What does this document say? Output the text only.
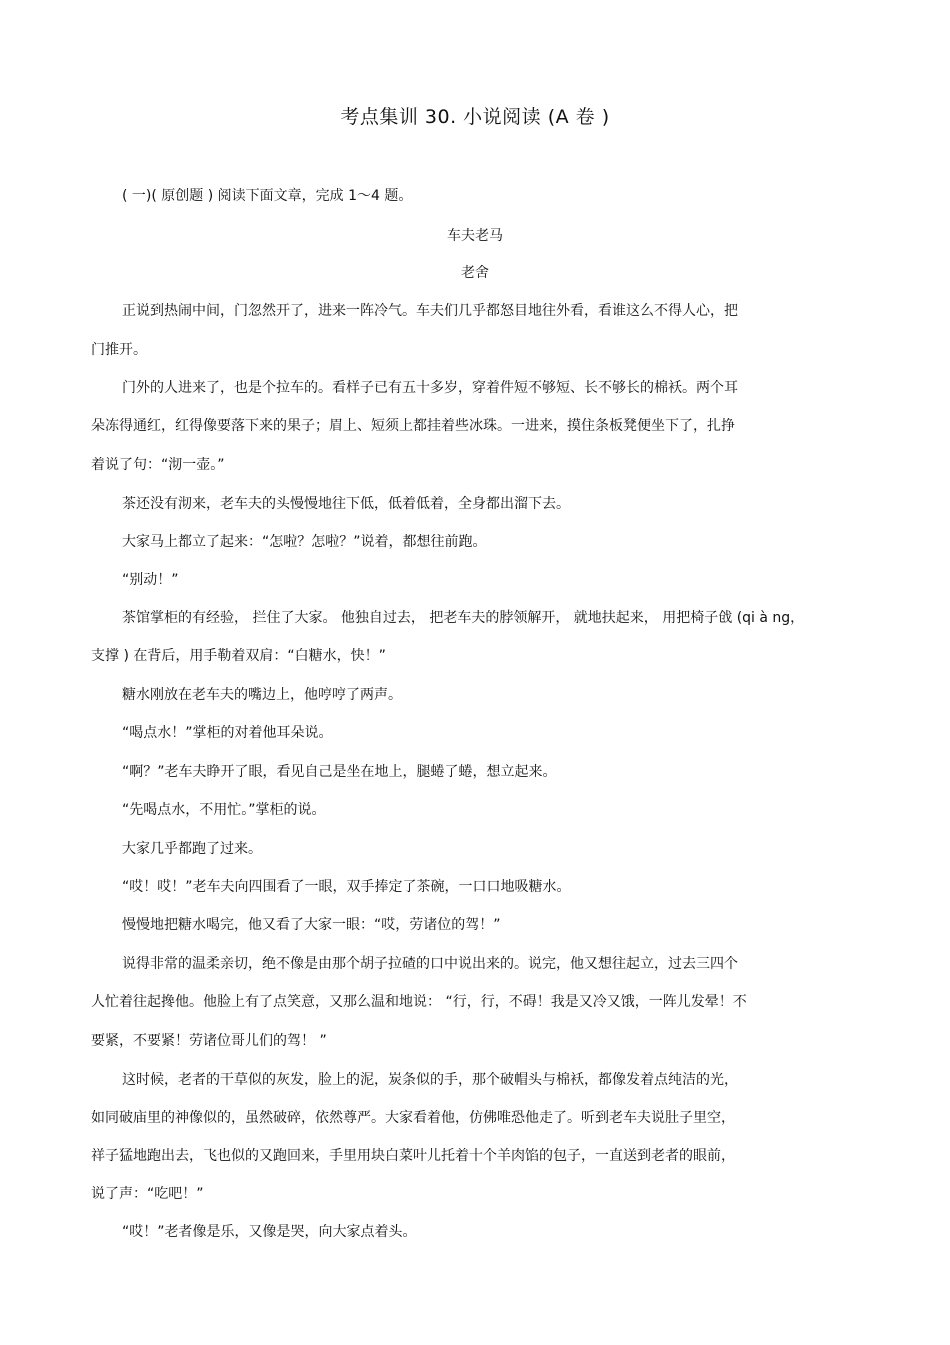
考点集训 30. 小说阅读 (A 卷 )
( 一)( 原创题 ) 阅读下面文章，完成 1～4 题。
车夫老马
老舍
正说到热闹中间，门忽然开了，进来一阵冷气。车夫们几乎都怒目地往外看，看谁这么不得人心，把
门推开。
门外的人进来了，也是个拉车的。看样子已有五十多岁，穿着件短不够短、长不够长的棉袄。两个耳
朵冻得通红，红得像要落下来的果子；眉上、短须上都挂着些冰珠。一进来，摸住条板凳便坐下了，扎挣
着说了句：“沏一壶。”
茶还没有沏来，老车夫的头慢慢地往下低，低着低着，全身都出溜下去。
大家马上都立了起来：“怎啦？怎啦？”说着，都想往前跑。
“别动！”
茶馆掌柜的有经验， 拦住了大家。 他独自过去， 把老车夫的脖领解开， 就地扶起来， 用把椅子戗 (qi à ng，
支撑 ) 在背后，用手勒着双肩：“白糖水，快！”
糖水刚放在老车夫的嘴边上，他哼哼了两声。
“喝点水！”掌柜的对着他耳朵说。
“啊？”老车夫睁开了眼，看见自己是坐在地上，腿蜷了蜷，想立起来。
“先喝点水，不用忙。”掌柜的说。
大家几乎都跑了过来。
“哎！哎！”老车夫向四围看了一眼，双手捧定了茶碗，一口口地吸糖水。
慢慢地把糖水喝完，他又看了大家一眼：“哎，劳诸位的驾！”
说得非常的温柔亲切，绝不像是由那个胡子拉碴的口中说出来的。说完，他又想往起立，过去三四个
人忙着往起搀他。他脸上有了点笑意，又那么温和地说： “行，行，不碍！我是又冷又饿，一阵儿发晕！不
要紧，不要紧！劳诸位哥儿们的驾！ ”
这时候，老者的干草似的灰发，脸上的泥，炭条似的手，那个破帽头与棉袄，都像发着点纯洁的光，
如同破庙里的神像似的，虽然破碎，依然尊严。大家看着他，仿佛唯恐他走了。听到老车夫说肚子里空，
祥子猛地跑出去，飞也似的又跑回来，手里用块白菜叶儿托着十个羊肉馅的包子，一直送到老者的眼前，
说了声：“吃吧！”
“哎！”老者像是乐，又像是哭，向大家点着头。
